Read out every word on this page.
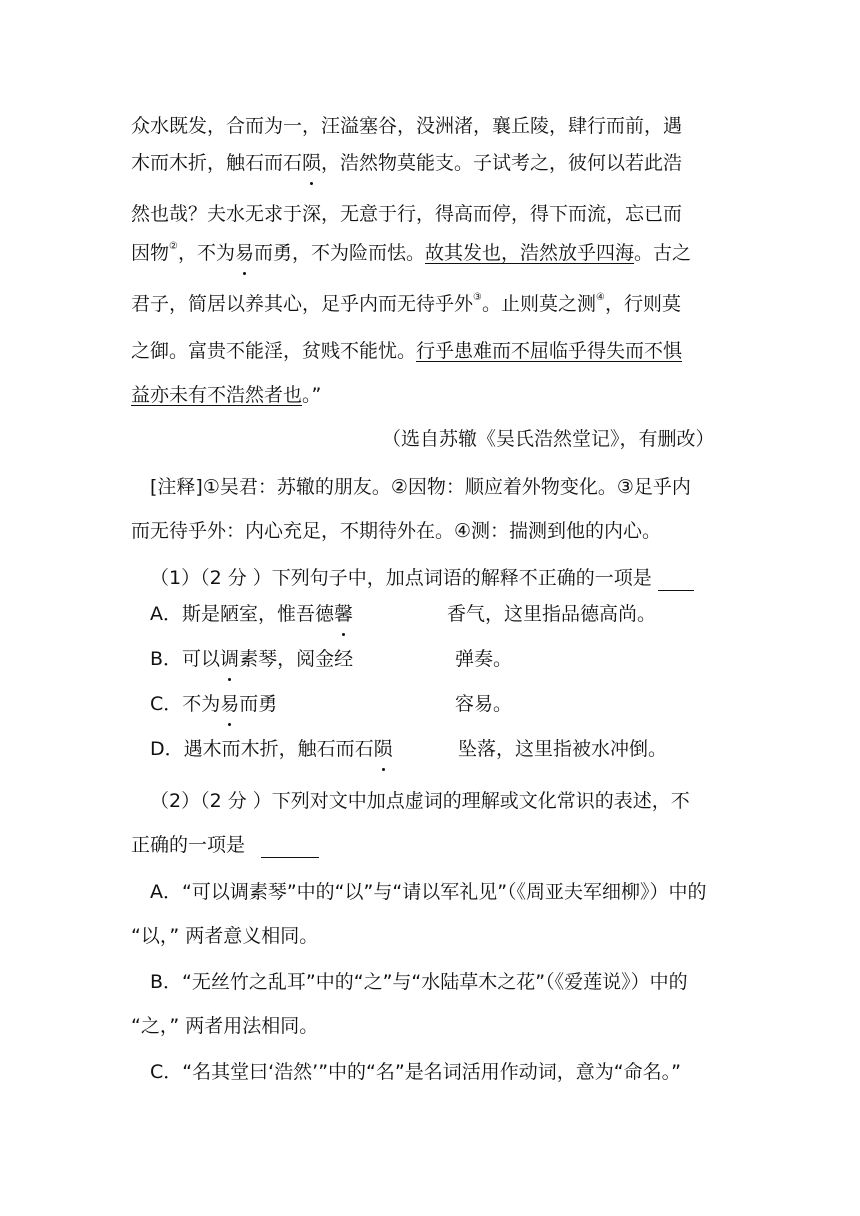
众水既发，合而为一，汪溢塞谷，没洲渚，襄丘陵，肆行而前，遇
木而木折，触石而石陨，浩然物莫能支。子试考之，彼何以若此浩
然也哉？夫水无求于深，无意于行，得高而停，得下而流，忘已而
因物②，不为易而勇，不为险而怯。故其发也，浩然放乎四海。古之
君子，简居以养其心，足乎内而无待乎外③。止则莫之测④，行则莫
之御。富贵不能淫，贫贱不能忧。行乎患难而不屈临乎得失而不惧
益亦未有不浩然者也。”
（选自苏辙《吴氏浩然堂记》，有删改）
[注释]①吴君：苏辙的朋友。②因物：顺应着外物变化。③足乎内
而无待乎外：内心充足，不期待外在。④测：揣测到他的内心。
（1）（2 分 ）下列句子中，加点词语的解释不正确的一项是
A．斯是陋室，惟吾德馨	香气，这里指品德高尚。
B．可以调素琴，阅金经	弹奏。
C．不为易而勇	容易。
D．遇木而木折，触石而石陨	坠落，这里指被水冲倒。
（2）（2 分 ）下列对文中加点虚词的理解或文化常识的表述，不
正确的一项是
A．“可以调素琴”中的“以”与“请以军礼见”（《周亚夫军细柳》）中的
“以，” 两者意义相同。
B．“无丝竹之乱耳”中的“之”与“水陆草木之花”（《爱莲说》）中的
“之，” 两者用法相同。
C．“名其堂曰‘浩然’”中的“名”是名词活用作动词，意为“命名。”
